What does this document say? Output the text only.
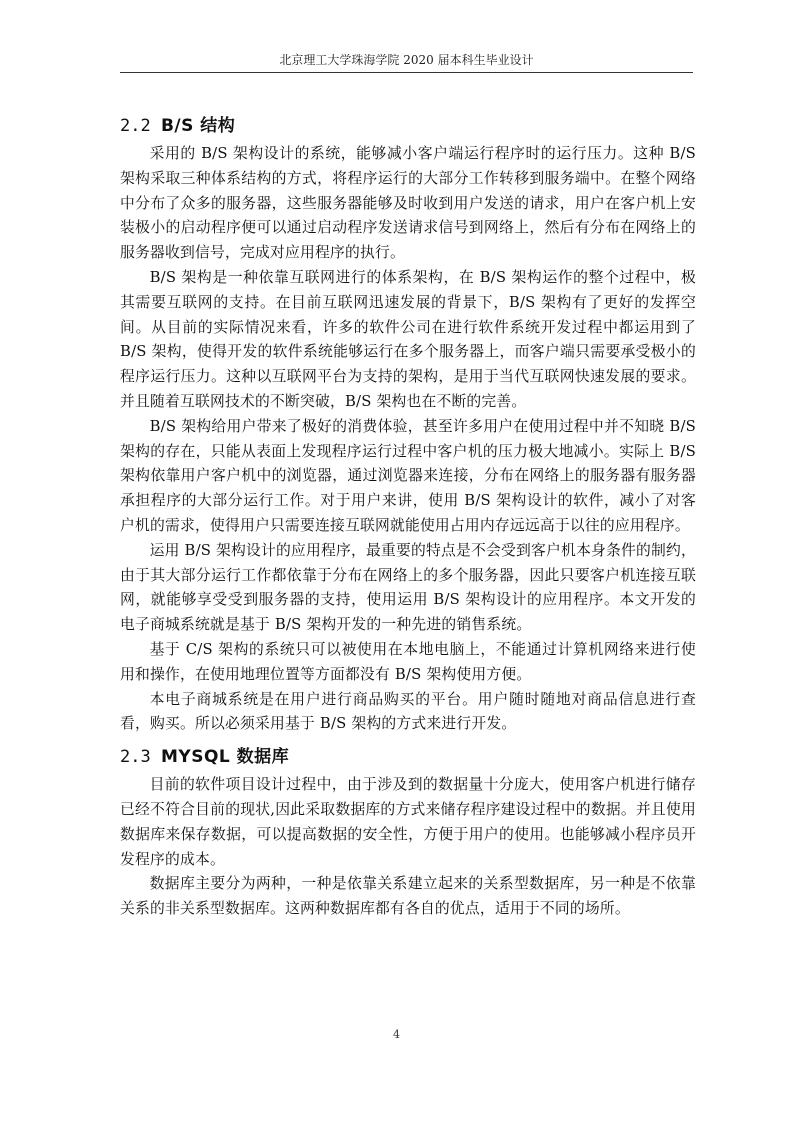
北京理工大学珠海学院 2020 届本科生毕业设计
2.2 B/S 结构

采用的 B/S 架构设计的系统，能够减小客户端运行程序时的运行压力。这种 B/S 架构采取三种体系结构的方式，将程序运行的大部分工作转移到服务端中。在整个网络中分布了众多的服务器，这些服务器能够及时收到用户发送的请求，用户在客户机上安装极小的启动程序便可以通过启动程序发送请求信号到网络上，然后有分布在网络上的服务器收到信号，完成对应用程序的执行。

B/S 架构是一种依靠互联网进行的体系架构，在 B/S 架构运作的整个过程中，极其需要互联网的支持。在目前互联网迅速发展的背景下，B/S 架构有了更好的发挥空间。从目前的实际情况来看，许多的软件公司在进行软件系统开发过程中都运用到了 B/S 架构，使得开发的软件系统能够运行在多个服务器上，而客户端只需要承受极小的程序运行压力。这种以互联网平台为支持的架构，是用于当代互联网快速发展的要求。并且随着互联网技术的不断突破，B/S 架构也在不断的完善。

B/S 架构给用户带来了极好的消费体验，甚至许多用户在使用过程中并不知晓 B/S 架构的存在，只能从表面上发现程序运行过程中客户机的压力极大地减小。实际上 B/S 架构依靠用户客户机中的浏览器，通过浏览器来连接，分布在网络上的服务器有服务器承担程序的大部分运行工作。对于用户来讲，使用 B/S 架构设计的软件，减小了对客户机的需求，使得用户只需要连接互联网就能使用占用内存远远高于以往的应用程序。

运用 B/S 架构设计的应用程序，最重要的特点是不会受到客户机本身条件的制约，由于其大部分运行工作都依靠于分布在网络上的多个服务器，因此只要客户机连接互联网，就能够享受受到服务器的支持，使用运用 B/S 架构设计的应用程序。本文开发的电子商城系统就是基于 B/S 架构开发的一种先进的销售系统。

基于 C/S 架构的系统只可以被使用在本地电脑上，不能通过计算机网络来进行使用和操作，在使用地理位置等方面都没有 B/S 架构使用方便。

本电子商城系统是在用户进行商品购买的平台。用户随时随地对商品信息进行查看，购买。所以必须采用基于 B/S 架构的方式来进行开发。

2.3 MYSQL 数据库

目前的软件项目设计过程中，由于涉及到的数据量十分庞大，使用客户机进行储存已经不符合目前的现状,因此采取数据库的方式来储存程序建设过程中的数据。并且使用数据库来保存数据，可以提高数据的安全性，方便于用户的使用。也能够减小程序员开发程序的成本。

数据库主要分为两种，一种是依靠关系建立起来的关系型数据库，另一种是不依靠关系的非关系型数据库。这两种数据库都有各自的优点，适用于不同的场所。

4
